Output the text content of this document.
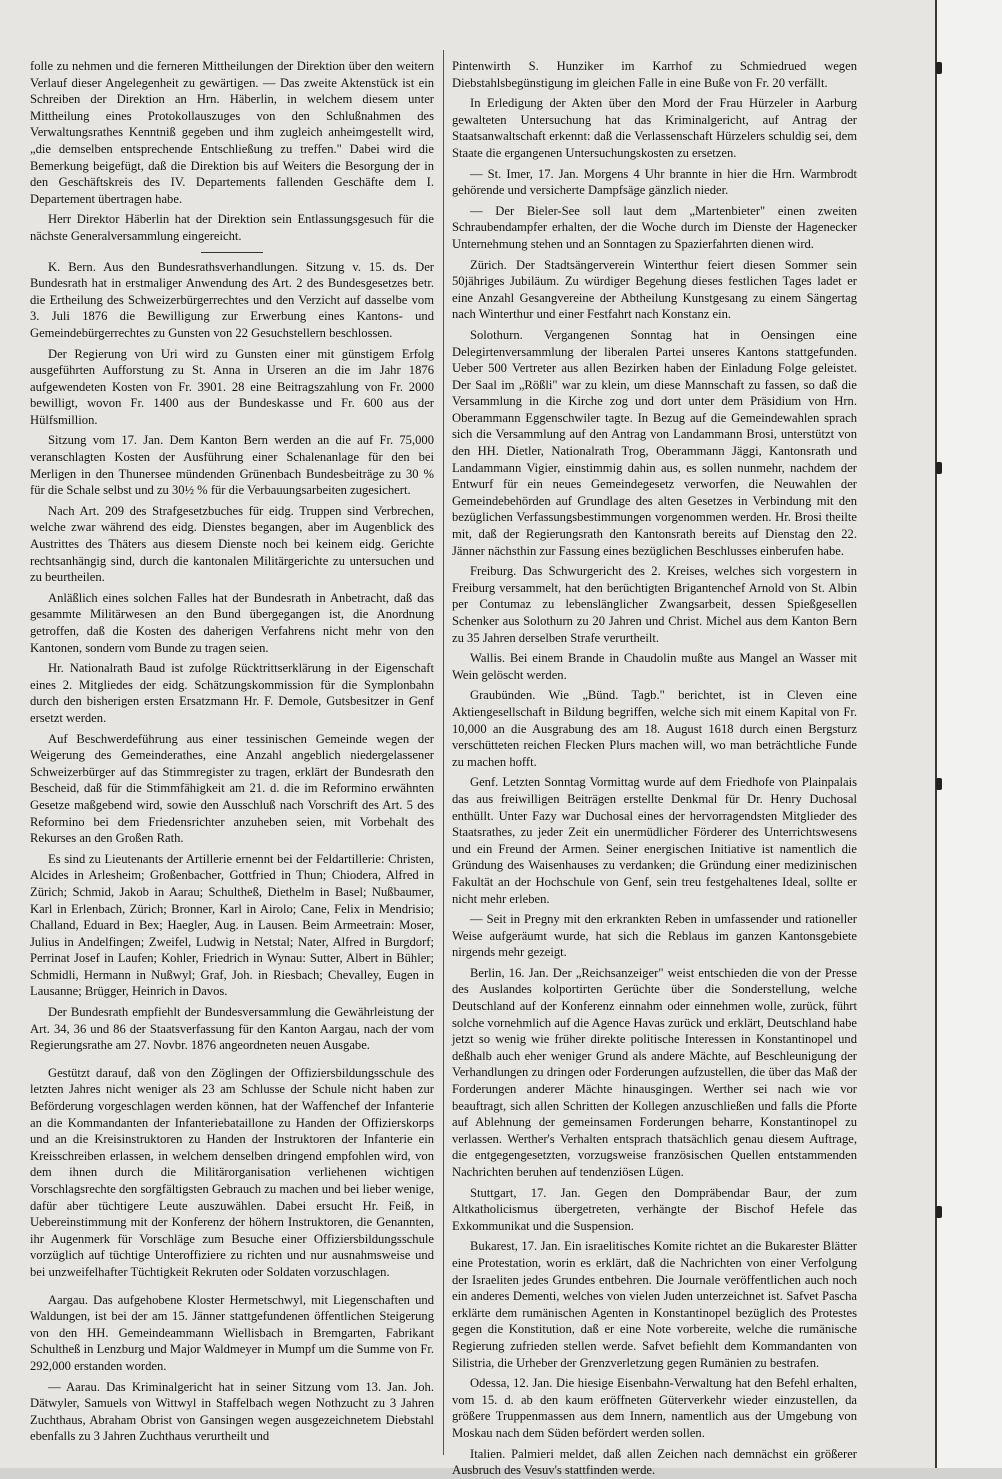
folle zu nehmen und die ferneren Mittheilungen der Direktion über den weitern Verlauf dieser Angelegenheit zu gewärtigen. — Das zweite Aktenstück ist ein Schreiben der Direktion an Hrn. Häberlin, in welchem diesem unter Mittheilung eines Protokollauszuges von den Schlußnahmen des Verwaltungsrathes Kenntniß gegeben und ihm zugleich anheimgestellt wird, „die demselben entsprechende Entschließung zu treffen." Dabei wird die Bemerkung beigefügt, daß die Direktion bis auf Weiters die Besorgung der in den Geschäftskreis des IV. Departements fallenden Geschäfte dem I. Departement übertragen habe.

Herr Direktor Häberlin hat der Direktion sein Entlassungsgesuch für die nächste Generalversammlung eingereicht.

K. Bern. Aus den Bundesrathsverhandlungen. Sitzung v. 15. ds. Der Bundesrath hat in erstmaliger Anwendung des Art. 2 des Bundesgesetzes betr. die Ertheilung des Schweizerbürgerrechtes und den Verzicht auf dasselbe vom 3. Juli 1876 die Bewilligung zur Erwerbung eines Kantons- und Gemeindebürgerrechtes zu Gunsten von 22 Gesuchstellern beschlossen.

Der Regierung von Uri wird zu Gunsten einer mit günstigem Erfolg ausgeführten Aufforstung zu St. Anna in Urseren an die im Jahr 1876 aufgewendeten Kosten von Fr. 3901. 28 eine Beitragszahlung von Fr. 2000 bewilligt, wovon Fr. 1400 aus der Bundeskasse und Fr. 600 aus der Hülfsmillion.

Sitzung vom 17. Jan. Dem Kanton Bern werden an die auf Fr. 75,000 veranschlagten Kosten der Ausführung einer Schalenanlage für den bei Merligen in den Thunersee mündenden Grünenbach Bundesbeiträge zu 30 % für die Schale selbst und zu 30½ % für die Verbauungsarbeiten zugesichert.

Nach Art. 209 des Strafgesetzbuches für eidg. Truppen sind Verbrechen, welche zwar während des eidg. Dienstes begangen, aber im Augenblick des Austrittes des Thäters aus diesem Dienste noch bei keinem eidg. Gerichte rechtsanhängig sind, durch die kantonalen Militärgerichte zu untersuchen und zu beurtheilen.

Anläßlich eines solchen Falles hat der Bundesrath in Anbetracht, daß das gesammte Militärwesen an den Bund übergegangen ist, die Anordnung getroffen, daß die Kosten des daherigen Verfahrens nicht mehr von den Kantonen, sondern vom Bunde zu tragen seien.

Hr. Nationalrath Baud ist zufolge Rücktrittserklärung in der Eigenschaft eines 2. Mitgliedes der eidg. Schätzungskommission für die Symplonbahn durch den bisherigen ersten Ersatzmann Hr. F. Demole, Gutsbesitzer in Genf ersetzt werden.

Auf Beschwerdeführung aus einer tessinischen Gemeinde wegen der Weigerung des Gemeinderathes, eine Anzahl angeblich niedergelassener Schweizerbürger auf das Stimmregister zu tragen, erklärt der Bundesrath den Bescheid, daß für die Stimmfähigkeit am 21. d. die im Reformino erwähnten Gesetze maßgebend wird, sowie den Ausschluß nach Vorschrift des Art. 5 des Reformino bei dem Friedensrichter anzuheben seien, mit Vorbehalt des Rekurses an den Großen Rath.

Es sind zu Lieutenants der Artillerie ernennt bei der Feldartillerie: Christen, Alcides in Arlesheim; Großenbacher, Gottfried in Thun; Chiodera, Alfred in Zürich; Schmid, Jakob in Aarau; Schultheß, Diethelm in Basel; Nußbaumer, Karl in Erlenbach, Zürich; Bronner, Karl in Airolo; Cane, Felix in Mendrisio; Challand, Eduard in Bex; Haegler, Aug. in Lausen. Beim Armeetrain: Moser, Julius in Andelfingen; Zweifel, Ludwig in Netstal; Nater, Alfred in Burgdorf; Perrinat Josef in Laufen; Kohler, Friedrich in Wynau: Sutter, Albert in Bühler; Schmidli, Hermann in Nußwyl; Graf, Joh. in Riesbach; Chevalley, Eugen in Lausanne; Brügger, Heinrich in Davos.

Der Bundesrath empfiehlt der Bundesversammlung die Gewährleistung der Art. 34, 36 und 86 der Staatsverfassung für den Kanton Aargau, nach der vom Regierungsrathe am 27. Novbr. 1876 angeordneten neuen Ausgabe.

Gestützt darauf, daß von den Zöglingen der Offiziersbildungsschule des letzten Jahres nicht weniger als 23 am Schlusse der Schule nicht haben zur Beförderung vorgeschlagen werden können, hat der Waffenchef der Infanterie an die Kommandanten der Infanteriebataillone zu Handen der Offizierskorps und an die Kreisinstruktoren zu Handen der Instruktoren der Infanterie ein Kreisschreiben erlassen, in welchem denselben dringend empfohlen wird, von dem ihnen durch die Militärorganisation verliehenen wichtigen Vorschlagsrechte den sorgfältigsten Gebrauch zu machen und bei lieber wenige, dafür aber tüchtigere Leute auszuwählen. Dabei ersucht Hr. Feiß, in Uebereinstimmung mit der Konferenz der höhern Instruktoren, die Genannten, ihr Augenmerk für Vorschläge zum Besuche einer Offiziersbildungsschule vorzüglich auf tüchtige Unteroffiziere zu richten und nur ausnahmsweise und bei unzweifelhafter Tüchtigkeit Rekruten oder Soldaten vorzuschlagen.

Aargau. Das aufgehobene Kloster Hermetschwyl, mit Liegenschaften und Waldungen, ist bei der am 15. Jänner stattgefundenen öffentlichen Steigerung von den HH. Gemeindeammann Wiellisbach in Bremgarten, Fabrikant Schultheß in Lenzburg und Major Waldmeyer in Mumpf um die Summe von Fr. 292,000 erstanden worden.

— Aarau. Das Kriminalgericht hat in seiner Sitzung vom 13. Jan. Joh. Dätwyler, Samuels von Wittwyl in Staffelbach wegen Nothzucht zu 3 Jahren Zuchthaus, Abraham Obrist von Gansingen wegen ausgezeichnetem Diebstahl ebenfalls zu 3 Jahren Zuchthaus verurtheilt und

Pintenwirth S. Hunziker im Karrhof zu Schmiedrued wegen Diebstahlsbegünstigung im gleichen Falle in eine Buße von Fr. 20 verfällt.

In Erledigung der Akten über den Mord der Frau Hürzeler in Aarburg gewalteten Untersuchung hat das Kriminalgericht, auf Antrag der Staatsanwaltschaft erkennt: daß die Verlassenschaft Hürzelers schuldig sei, dem Staate die ergangenen Untersuchungskosten zu ersetzen.

— St. Imer, 17. Jan. Morgens 4 Uhr brannte in hier die Hrn. Warmbrodt gehörende und versicherte Dampfsäge gänzlich nieder.

— Der Bieler-See soll laut dem „Martenbieter" einen zweiten Schraubendampfer erhalten, der die Woche durch im Dienste der Hagenecker Unternehmung stehen und an Sonntagen zu Spazierfahrten dienen wird.

Zürich. Der Stadtsängerverein Winterthur feiert diesen Sommer sein 50jähriges Jubiläum. Zu würdiger Begehung dieses festlichen Tages ladet er eine Anzahl Gesangvereine der Abtheilung Kunstgesang zu einem Sängertag nach Winterthur und einer Festfahrt nach Konstanz ein.

Solothurn. Vergangenen Sonntag hat in Oensingen eine Delegirtenversammlung der liberalen Partei unseres Kantons stattgefunden. Ueber 500 Vertreter aus allen Bezirken haben der Einladung Folge geleistet. Der Saal im „Rößli" war zu klein, um diese Mannschaft zu fassen, so daß die Versammlung in die Kirche zog und dort unter dem Präsidium von Hrn. Oberammann Eggenschwiler tagte. In Bezug auf die Gemeindewahlen sprach sich die Versammlung auf den Antrag von Landammann Brosi, unterstützt von den HH. Dietler, Nationalrath Trog, Oberammann Jäggi, Kantonsrath und Landammann Vigier, einstimmig dahin aus, es sollen nunmehr, nachdem der Entwurf für ein neues Gemeindegesetz verworfen, die Neuwahlen der Gemeindebehörden auf Grundlage des alten Gesetzes in Verbindung mit den bezüglichen Verfassungsbestimmungen vorgenommen werden. Hr. Brosi theilte mit, daß der Regierungsrath den Kantonsrath bereits auf Dienstag den 22. Jänner nächsthin zur Fassung eines bezüglichen Beschlusses einberufen habe.

Freiburg. Das Schwurgericht des 2. Kreises, welches sich vorgestern in Freiburg versammelt, hat den berüchtigten Brigantenchef Arnold von St. Albin per Contumaz zu lebenslänglicher Zwangsarbeit, dessen Spießgesellen Schenker aus Solothurn zu 20 Jahren und Christ. Michel aus dem Kanton Bern zu 35 Jahren derselben Strafe verurtheilt.

Wallis. Bei einem Brande in Chaudolin mußte aus Mangel an Wasser mit Wein gelöscht werden.

Graubünden. Wie „Bünd. Tagb." berichtet, ist in Cleven eine Aktiengesellschaft in Bildung begriffen, welche sich mit einem Kapital von Fr. 10,000 an die Ausgrabung des am 18. August 1618 durch einen Bergsturz verschütteten reichen Flecken Plurs machen will, wo man beträchtliche Funde zu machen hofft.

Genf. Letzten Sonntag Vormittag wurde auf dem Friedhofe von Plainpalais das aus freiwilligen Beiträgen erstellte Denkmal für Dr. Henry Duchosal enthüllt. Unter Fazy war Duchosal eines der hervorragendsten Mitglieder des Staatsrathes, zu jeder Zeit ein unermüdlicher Förderer des Unterrichtswesens und ein Freund der Armen. Seiner energischen Initiative ist namentlich die Gründung des Waisenhauses zu verdanken; die Gründung einer medizinischen Fakultät an der Hochschule von Genf, sein treu festgehaltenes Ideal, sollte er nicht mehr erleben.

— Seit in Pregny mit den erkrankten Reben in umfassender und rationeller Weise aufgeräumt wurde, hat sich die Reblaus im ganzen Kantonsgebiete nirgends mehr gezeigt.

Berlin, 16. Jan. Der „Reichsanzeiger" weist entschieden die von der Presse des Auslandes kolportirten Gerüchte über die Sonderstellung, welche Deutschland auf der Konferenz einnahm oder einnehmen wolle, zurück, führt solche vornehmlich auf die Agence Havas zurück und erklärt, Deutschland habe jetzt so wenig wie früher direkte politische Interessen in Konstantinopel und deßhalb auch eher weniger Grund als andere Mächte, auf Beschleunigung der Verhandlungen zu dringen oder Forderungen aufzustellen, die über das Maß der Forderungen anderer Mächte hinausgingen. Werther sei nach wie vor beauftragt, sich allen Schritten der Kollegen anzuschließen und falls die Pforte auf Ablehnung der gemeinsamen Forderungen beharre, Konstantinopel zu verlassen. Werther's Verhalten entsprach thatsächlich genau diesem Auftrage, die entgegengesetzten, vorzugsweise französischen Quellen entstammenden Nachrichten beruhen auf tendenziösen Lügen.

Stuttgart, 17. Jan. Gegen den Dompräbendar Baur, der zum Altkatholicismus übergetreten, verhängte der Bischof Hefele das Exkommunikat und die Suspension.

Bukarest, 17. Jan. Ein israelitisches Komite richtet an die Bukarester Blätter eine Protestation, worin es erklärt, daß die Nachrichten von einer Verfolgung der Israeliten jedes Grundes entbehren. Die Journale veröffentlichen auch noch ein anderes Dementi, welches von vielen Juden unterzeichnet ist. Safvet Pascha erklärte dem rumänischen Agenten in Konstantinopel bezüglich des Protestes gegen die Konstitution, daß er eine Note vorbereite, welche die rumänische Regierung zufrieden stellen werde. Safvet befiehlt dem Kommandanten von Silistria, die Urheber der Grenzverletzung gegen Rumänien zu bestrafen.

Odessa, 12. Jan. Die hiesige Eisenbahn-Verwaltung hat den Befehl erhalten, vom 15. d. ab den kaum eröffneten Güterverkehr wieder einzustellen, da größere Truppenmassen aus dem Innern, namentlich aus der Umgebung von Moskau nach dem Süden befördert werden sollen.

Italien. Palmieri meldet, daß allen Zeichen nach demnächst ein größerer Ausbruch des Vesuv's stattfinden werde.
